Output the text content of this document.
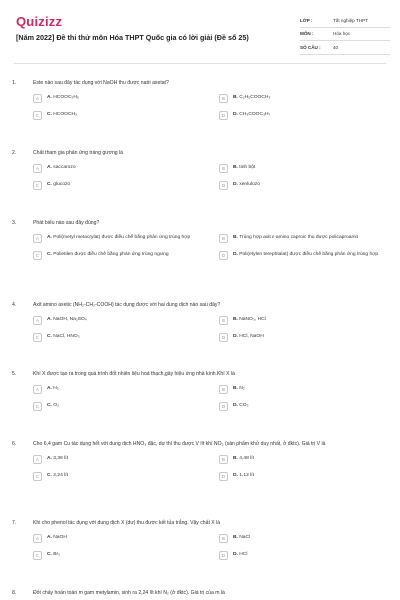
Quizizz
[Năm 2022] Đề thi thử môn Hóa THPT Quốc gia có lời giải (Đề số 25)
LỚP :	Tốt nghiệp THPT
MÔN :	Hóa học
SỐ CÂU :	40
1.	Este nào sau đây tác dụng với NaOH thu được natri axetat?
A	A. HCOOC₂H₅	B	B. C₂H₅COOCH₃
C	C. HCOOCH₃	D	D. CH₃COOC₃H₇
2.	Chất tham gia phản ứng tráng gương là
A	A. saccarozo	B	B. tinh bột
C	C. glucozo	D	D. xenlulozo
3.	Phát biểu nào sau đây đúng?
A	A. Poli(metyl metacrylat) được điều chế bằng phản ứng trùng hợp	B	B. Trùng hợp axit ε-amino caproic thu được policaproamit
C	C. Polietilen được điều chế bằng phản ứng trùng ngưng	D	D. Poli(etylen terephtalat) được điều chế bằng phản ứng trùng hợp
4.	Axit amino axetic (NH₂-CH₂-COOH) tác dụng được với hai dung dịch nào sau đây?
A	A. NaOH, Na₂SO₄	B	B. NaNO₃, HCl
C	C. NaCl, HNO₃	D	D. HCl, NaOH
5.	Khí X được tạo ra trong quá trình đốt nhiên liệu hoá thạch,gây hiệu ứng nhà kính.Khí X là
A	A. H₂	B	B. N₂
C	C. O₂	D	D. CO₂
6.	Cho 6,4 gam Cu tác dụng hết với dung dịch HNO₃ đặc, dư thì thu được V lít khí NO₂ (sản phẩm khử duy nhất, ở đktc). Giá trị V là
A	A. 3,36 lít	B	B. 4,48 lít
C	C. 2,24 lít	D	D. 1,12 lít
7.	Khi cho phenol tác dụng với dung dịch X (dư) thu được kết tủa trắng. Vậy chất X là
A	A. NaOH	B	B. NaCl
C	C. Br₂	D	D. HCl
8.	Đốt cháy hoàn toàn m gam metylamin, sinh ra 2,24 lít khí N₂ (ở đktc). Giá trị của m là
